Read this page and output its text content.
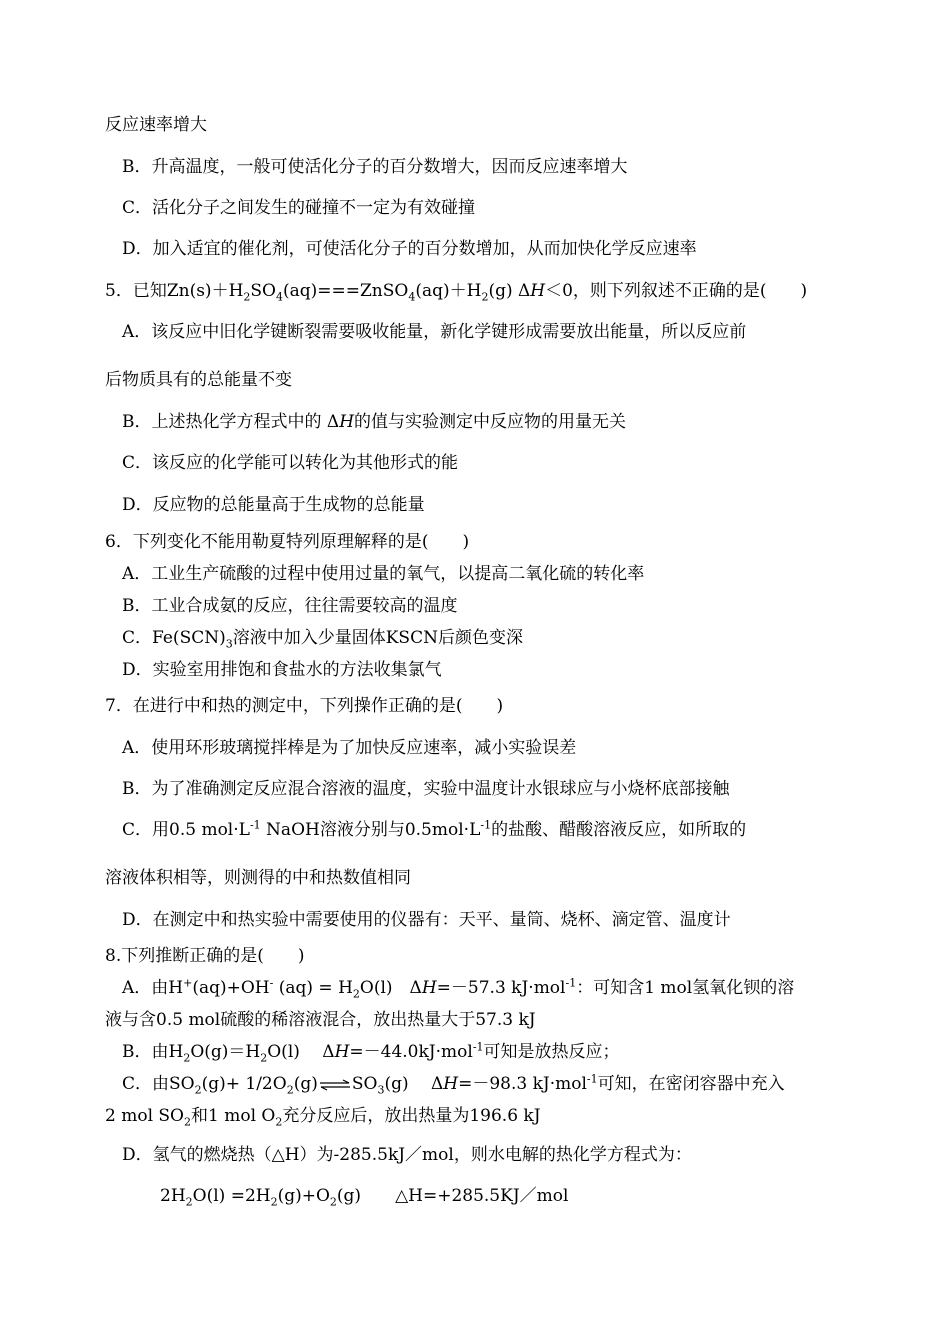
反应速率增大
B．升高温度，一般可使活化分子的百分数增大，因而反应速率增大
C．活化分子之间发生的碰撞不一定为有效碰撞
D．加入适宜的催化剂，可使活化分子的百分数增加，从而加快化学反应速率
5．已知$Zn(s)+H_2SO_4(aq)===ZnSO_4(aq)+H_2(g)$ ΔH＜0，则下列叙述不正确的是(　　)
A．该反应中旧化学键断裂需要吸收能量，新化学键形成需要放出能量，所以反应前
后物质具有的总能量不变
B．上述热化学方程式中的 ΔH的值与实验测定中反应物的用量无关
C．该反应的化学能可以转化为其他形式的能
D．反应物的总能量高于生成物的总能量
6．下列变化不能用勒夏特列原理解释的是(　　)
A．工业生产硫酸的过程中使用过量的氧气，以提高二氧化硫的转化率
B．工业合成氨的反应，往往需要较高的温度
C．$Fe(SCN)_3$溶液中加入少量固体KSCN后颜色变深
D．实验室用排饱和食盐水的方法收集氯气
7．在进行中和热的测定中，下列操作正确的是(　　)
A．使用环形玻璃搅拌棒是为了加快反应速率，减小实验误差
B．为了准确测定反应混合溶液的温度，实验中温度计水银球应与小烧杯底部接触
C．用0.5 $mol\cdot L^{-1}$ NaOH溶液分别与$0.5mol\cdot L^{-1}$的盐酸、醋酸溶液反应，如所取的
溶液体积相等，则测得的中和热数值相同
D．在测定中和热实验中需要使用的仪器有：天平、量筒、烧杯、滴定管、温度计
8.下列推断正确的是(　　)
A．由H+(aq)+OH- $(aq) = H_2O(l)$　ΔH=－57.3 kJ·mol$^{-1}$：可知含1 mol氢氧化钡的溶
液与含0.5 mol硫酸的稀溶液混合，放出热量大于57.3 kJ
B．由$H_2O(g)=H_2O(l)$　 ΔH=－44.0kJ·mol$^{-1}$可知是放热反应；
C．由$SO_2(g)+$ $1/2O_2(g)\rightleftharpoons SO_3(g)$　 ΔH=－98.3 kJ·mol$^{-1}$可知，在密闭容器中充入
2 mol $SO_2$和1 mol $O_2$充分反应后，放出热量为196.6 kJ
D．氢气的燃烧热（△H）为-285.5kJ／mol，则水电解的热化学方程式为：
$2H_2O(l) =2H_2(g)+O_2(g)$　　△H=+285.5KJ／mol
